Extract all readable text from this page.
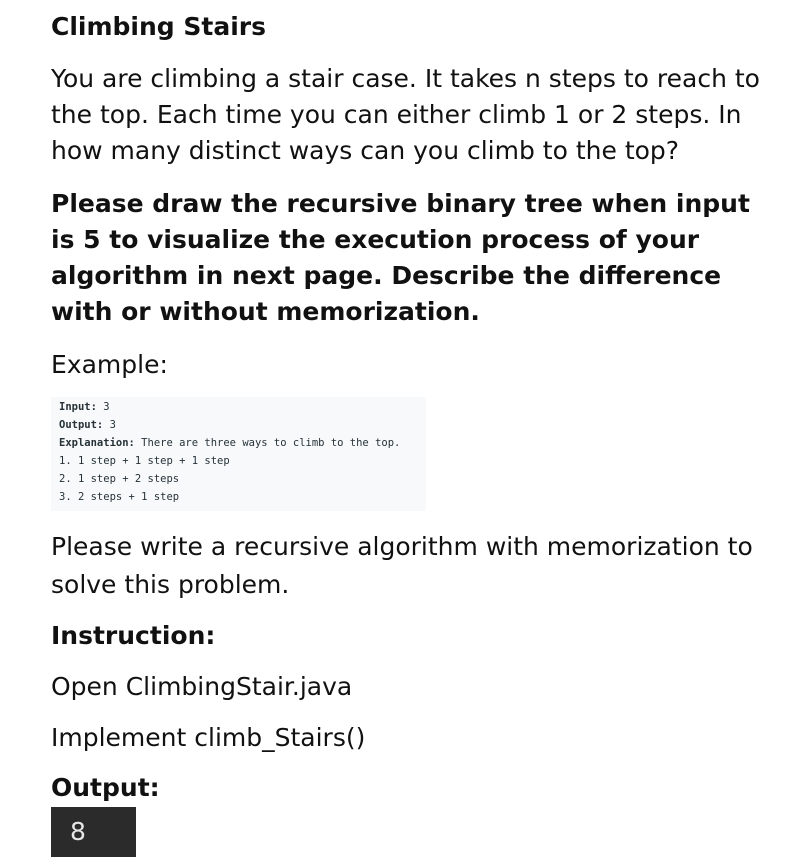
Climbing Stairs
You are climbing a stair case. It takes n steps to reach to the top. Each time you can either climb 1 or 2 steps. In how many distinct ways can you climb to the top?
Please draw the recursive binary tree when input is 5 to visualize the execution process of your algorithm in next page. Describe the difference with or without memorization.
Example:
Input: 3
Output: 3
Explanation: There are three ways to climb to the top.
1. 1 step + 1 step + 1 step
2. 1 step + 2 steps
3. 2 steps + 1 step
Please write a recursive algorithm with memorization to solve this problem.
Instruction:
Open ClimbingStair.java
Implement climb_Stairs()
Output:
8
